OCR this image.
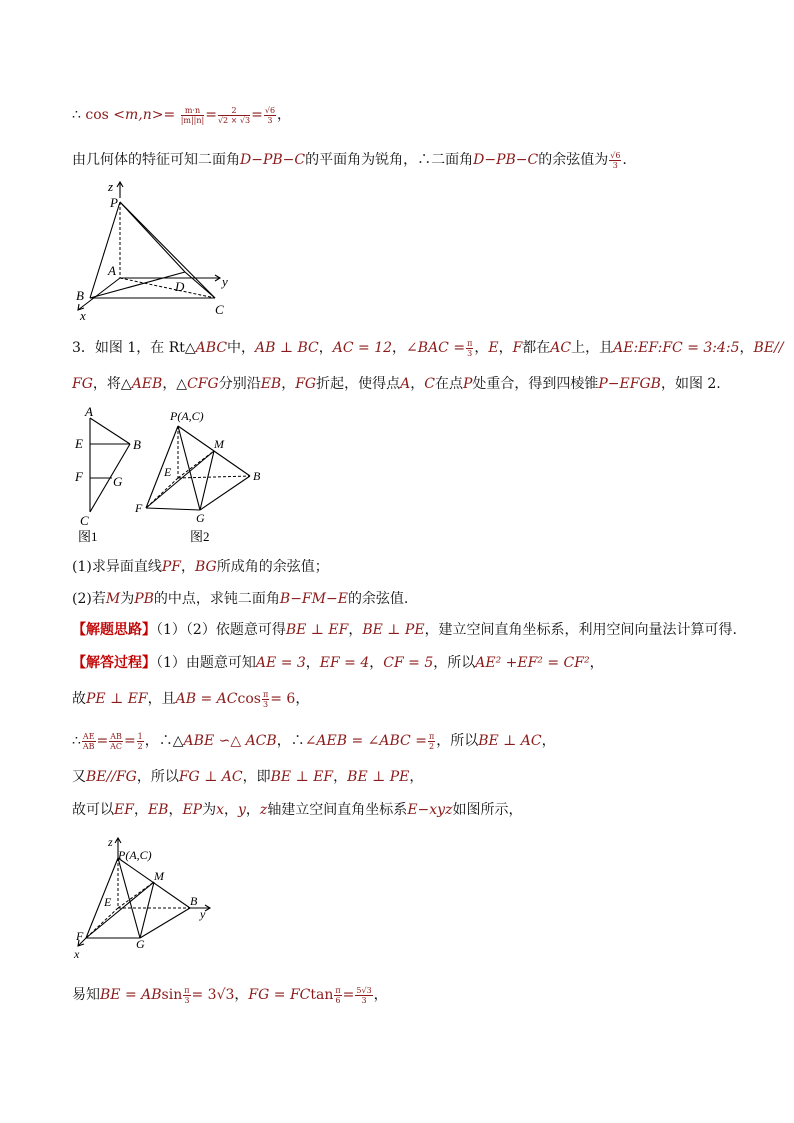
∴ $\cos <m,n>= \frac{m\cdot n}{|m||n|} = \frac{2}{√2 \times √3} = \frac{√6}{3}$ ，
由几何体的特征可知二面角D−PB−C的平面角为锐角，∴二面角D−PB−C的余弦值为 $\frac{√6}{3}$ .
z
P
A
D	y
B
C
x
3．如图 1，在 Rt△ABC中，AB ⊥ BC，AC = 12，∠BAC = $\frac{\pi}{3}$ ，E，F都在AC上，且AE:EF:FC = 3:4:5，BE//
FG，将△AEB，△CFG分别沿EB，FG折起，使得点A，C在点P处重合，得到四棱锥P−EFGB，如图 2.
A
E	B
F G
C
图1
P(A,C)
M
E	B
F
G
图2
(1)求异面直线PF，BG所成角的余弦值；
(2)若M为PB的中点，求钝二面角B−FM−E的余弦值.
【解题思路】（1）（2）依题意可得BE ⊥ EF，BE ⊥ PE，建立空间直角坐标系，利用空间向量法计算可得.
【解答过程】（1）由题意可知AE = 3，EF = 4，CF = 5，所以AE² +EF² = CF²，
故PE ⊥ EF，且AB = ACcos $\frac{\pi}{3} = 6$，
∴ $\frac{AE}{AB} = \frac{AB}{AC} = \frac{1}{2}$ ，∴△ABE ∽△ ACB，∴∠AEB = ∠ABC = $\frac{\pi}{2}$ ，所以BE ⊥ AC，
又BE//FG，所以FG ⊥ AC，即BE ⊥ EF，BE ⊥ PE，
故可以EF，EB，EP为x，y，z轴建立空间直角坐标系E−xyz如图所示，
z
P(A,C)
M
E	B
y
F
G
x
易知BE = ABsin $\frac{\pi}{3} = 3√3$，FG = FCtan $\frac{\pi}{6} = \frac{5√3}{3}$ ，
